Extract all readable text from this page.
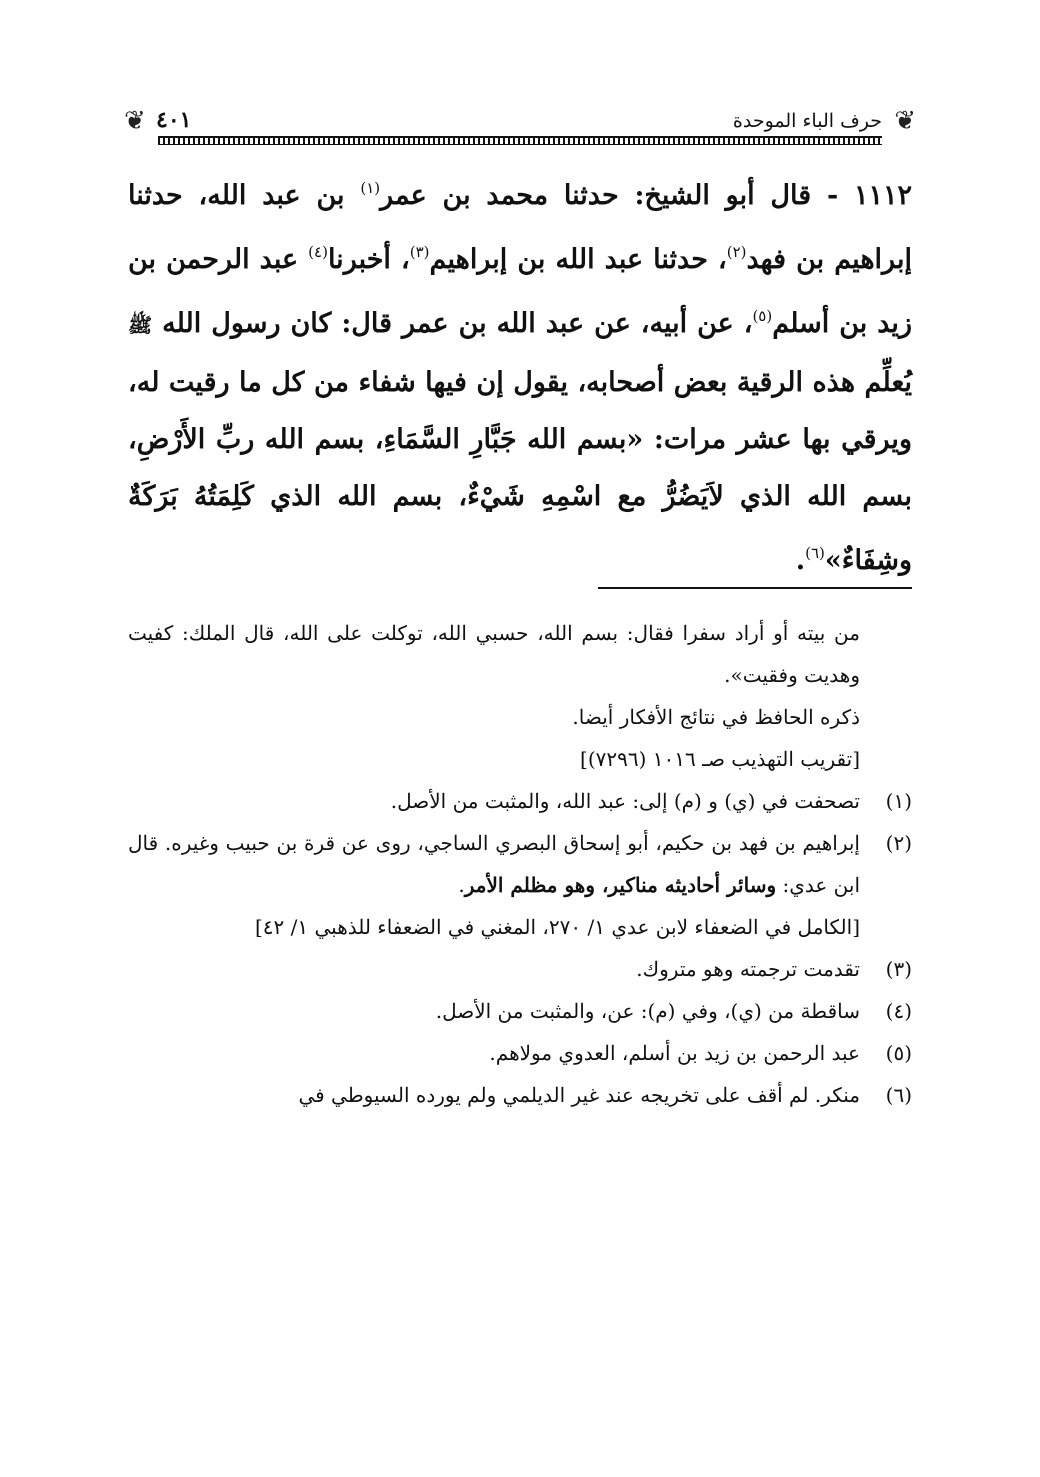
❦
حرف الباء الموحدة
٤٠١
❦

١١١٢ - قال أبو الشيخ: حدثنا محمد بن عمر$^{(١)}$ بن عبد الله، حدثنا إبراهيم بن فهد$^{(٢)}$، حدثنا عبد الله بن إبراهيم$^{(٣)}$، أخبرنا$^{(٤)}$ عبد الرحمن بن زيد بن أسلم$^{(٥)}$، عن أبيه، عن عبد الله بن عمر قال: كان رسول الله ﷺ يُعلِّم هذه الرقية بعض أصحابه، يقول إن فيها شفاء من كل ما رقيت له، ويرقي بها عشر مرات: «بسم الله جَبَّارِ السَّمَاءِ، بسم الله ربِّ الأَرْضِ، بسم الله الذي لاَيَضُرُّ مع اسْمِهِ شَيْءٌ، بسم الله الذي كَلِمَتُهُ بَرَكَةٌ وشِفَاءٌ»$^{(٦)}$.

من بيته أو أراد سفرا فقال: بسم الله، حسبي الله، توكلت على الله، قال الملك: كفيت وهديت وفقيت».

ذكره الحافظ في نتائج الأفكار أيضا.

[تقريب التهذيب صـ ١٠١٦ (٧٢٩٦)]

(١)
تصحفت في (ي) و (م) إلى: عبد الله، والمثبت من الأصل.

(٢)

إبراهيم بن فهد بن حكيم، أبو إسحاق البصري الساجي، روى عن قرة بن حبيب وغيره. قال ابن عدي: وسائر أحاديثه مناكير، وهو مظلم الأمر.

[الكامل في الضعفاء لابن عدي ١/ ٢٧٠، المغني في الضعفاء للذهبي ١/ ٤٢]

(٣)
تقدمت ترجمته وهو متروك.

(٤)
ساقطة من (ي)، وفي (م): عن، والمثبت من الأصل.

(٥)
عبد الرحمن بن زيد بن أسلم، العدوي مولاهم.

(٦)
منكر. لم أقف على تخريجه عند غير الديلمي ولم يورده السيوطي في
